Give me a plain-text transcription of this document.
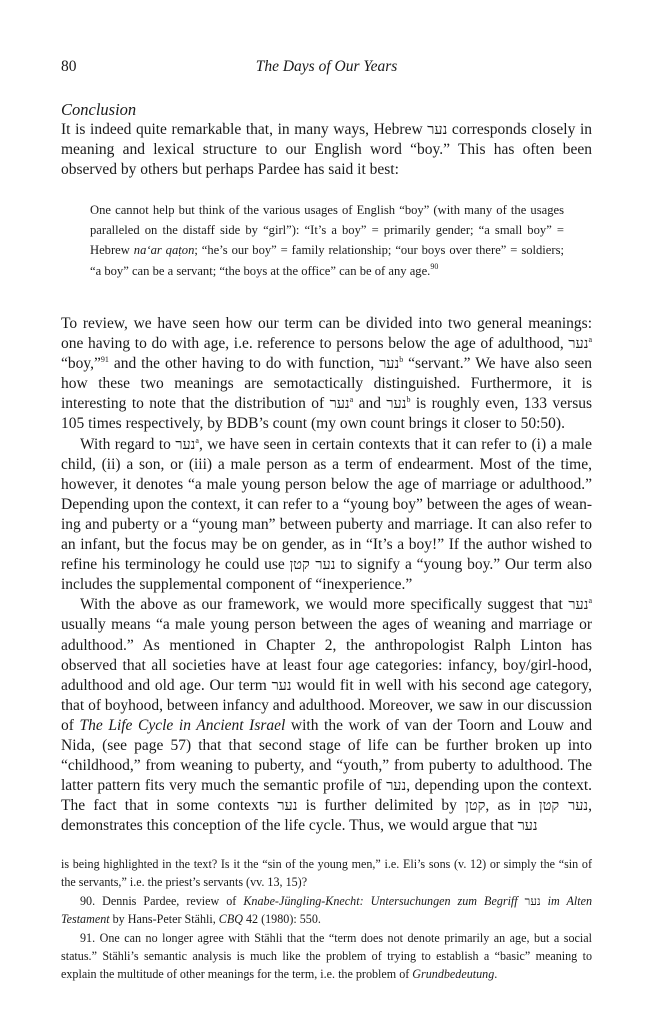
80	The Days of Our Years
Conclusion

It is indeed quite remarkable that, in many ways, Hebrew נער corresponds closely in meaning and lexical structure to our English word “boy.” This has often been observed by others but perhaps Pardee has said it best:

One cannot help but think of the various usages of English “boy” (with many of the usages paralleled on the distaff side by “girl”): “It’s a boy” = primarily gender; “a small boy” = Hebrew na‘ar qaṭon; “he’s our boy” = family relationship; “our boys over there” = soldiers; “a boy” can be a servant; “the boys at the office” can be of any age.$^{90}$

To review, we have seen how our term can be divided into two general meanings: one having to do with age, i.e. reference to persons below the age of adulthood, נער$^a$ “boy,”$^{91}$ and the other having to do with function, נער$^b$ “servant.” We have also seen how these two meanings are semotactically distinguished. Furthermore, it is interesting to note that the distribution of נער$^a$ and נער$^b$ is roughly even, 133 versus 105 times respectively, by BDB’s count (my own count brings it closer to 50:50).

With regard to נער$^a$, we have seen in certain contexts that it can refer to (i) a male child, (ii) a son, or (iii) a male person as a term of endearment. Most of the time, however, it denotes “a male young person below the age of marriage or adulthood.” Depending upon the context, it can refer to a “young boy” between the ages of weaning and puberty or a “young man” between puberty and marriage. It can also refer to an infant, but the focus may be on gender, as in “It’s a boy!” If the author wished to refine his terminology he could use נער קטן to signify a “young boy.” Our term also includes the supplemental component of “inexperience.”

With the above as our framework, we would more specifically suggest that נער$^a$ usually means “a male young person between the ages of weaning and marriage or adulthood.” As mentioned in Chapter 2, the anthropologist Ralph Linton has observed that all societies have at least four age categories: infancy, boy/girl-hood, adulthood and old age. Our term נער would fit in well with his second age category, that of boyhood, between infancy and adulthood. Moreover, we saw in our discussion of The Life Cycle in Ancient Israel with the work of van der Toorn and Louw and Nida, (see page 57) that that second stage of life can be further broken up into “childhood,” from weaning to puberty, and “youth,” from puberty to adulthood. The latter pattern fits very much the semantic profile of נער, depending upon the context. The fact that in some contexts נער is further delimited by קטן, as in נער קטן , demonstrates this conception of the life cycle. Thus, we would argue that נער

is being highlighted in the text? Is it the “sin of the young men,” i.e. Eli’s sons (v. 12) or simply the “sin of the servants,” i.e. the priest’s servants (vv. 13, 15)?

90. Dennis Pardee, review of Knabe-Jüngling-Knecht: Untersuchungen zum Begriff נער im Alten Testament by Hans-Peter Stähli, CBQ 42 (1980): 550.

91. One can no longer agree with Stähli that the “term does not denote primarily an age, but a social status.” Stähli’s semantic analysis is much like the problem of trying to establish a “basic” meaning to explain the multitude of other meanings for the term, i.e. the problem of Grundbedeutung.
